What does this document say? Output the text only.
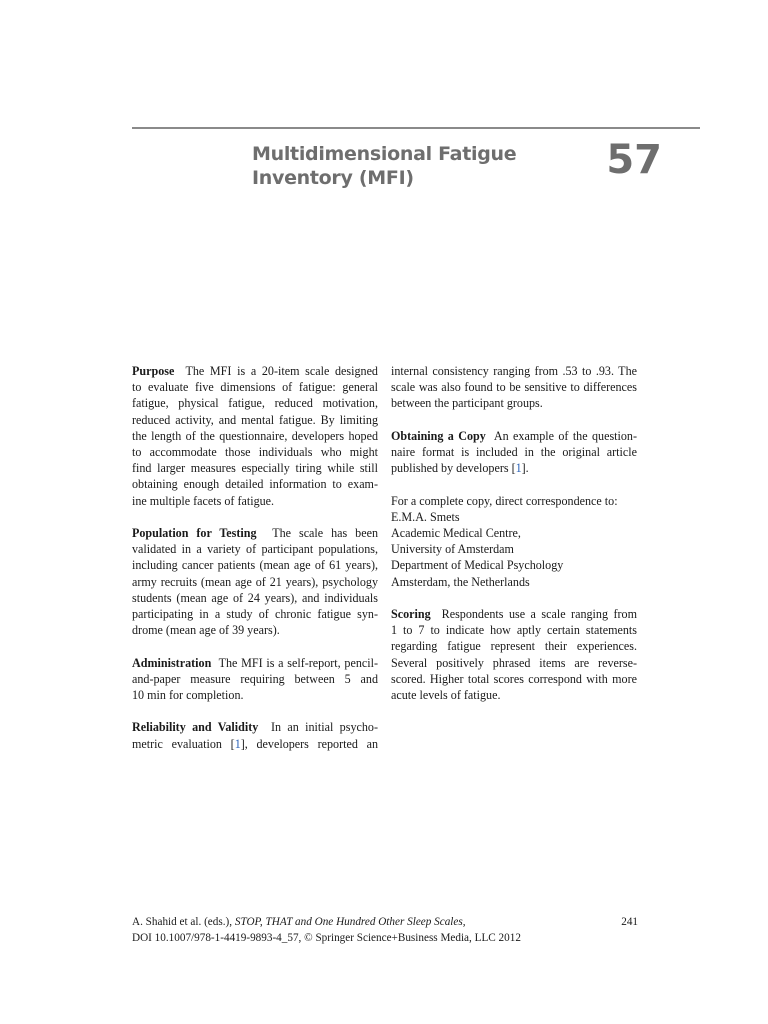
Multidimensional Fatigue
Inventory (MFI)	57
Purpose The MFI is a 20-item scale designed
to evaluate five dimensions of fatigue: general
fatigue, physical fatigue, reduced motivation,
reduced activity, and mental fatigue. By limiting
the length of the questionnaire, developers hoped
to accommodate those individuals who might
find larger measures especially tiring while still
obtaining enough detailed information to exam-
ine multiple facets of fatigue.
Population for Testing The scale has been
validated in a variety of participant populations,
including cancer patients (mean age of 61 years),
army recruits (mean age of 21 years), psychology
students (mean age of 24 years), and individuals
participating in a study of chronic fatigue syn-
drome (mean age of 39 years).
Administration The MFI is a self-report, pencil-
and-paper measure requiring between 5 and
10 min for completion.
Reliability and Validity In an initial psycho-
metric evaluation [1], developers reported an
internal consistency ranging from .53 to .93. The
scale was also found to be sensitive to differences
between the participant groups.
Obtaining a Copy An example of the question-
naire format is included in the original article
published by developers [1].
For a complete copy, direct correspondence to:
E.M.A. Smets
Academic Medical Centre,
University of Amsterdam
Department of Medical Psychology
Amsterdam, the Netherlands
Scoring Respondents use a scale ranging from
1 to 7 to indicate how aptly certain statements
regarding fatigue represent their experiences.
Several positively phrased items are reverse-
scored. Higher total scores correspond with more
acute levels of fatigue.
A. Shahid et al. (eds.), STOP, THAT and One Hundred Other Sleep Scales,
DOI 10.1007/978-1-4419-9893-4_57, © Springer Science+Business Media, LLC 2012
241
